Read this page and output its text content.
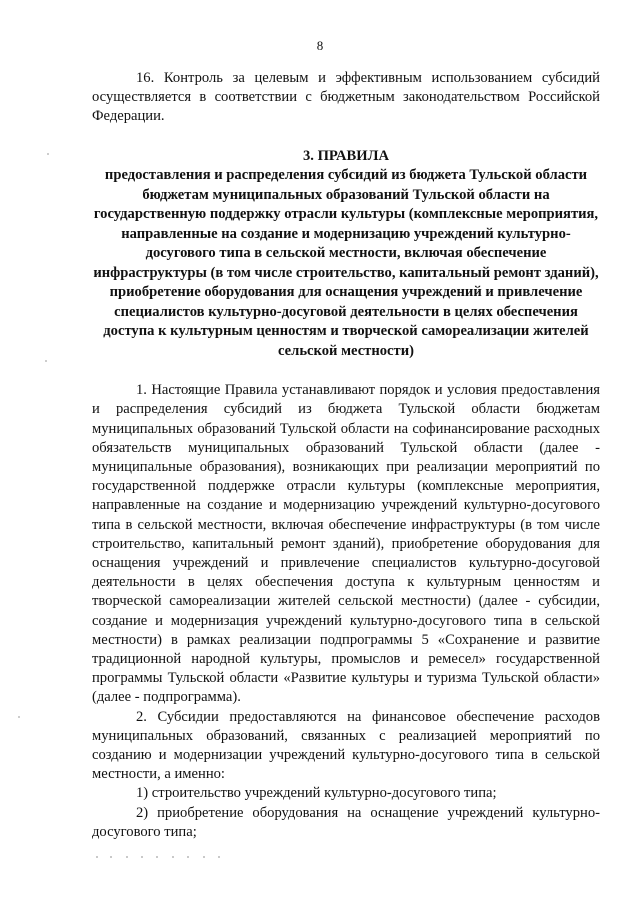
8

16. Контроль за целевым и эффективным использованием субсидий осуществляется в соответствии с бюджетным законодательством Российской Федерации.

3. ПРАВИЛА
предоставления и распределения субсидий из бюджета Тульской области бюджетам муниципальных образований Тульской области на государственную поддержку отрасли культуры (комплексные мероприятия, направленные на создание и модернизацию учреждений культурно-досугового типа в сельской местности, включая обеспечение инфраструктуры (в том числе строительство, капитальный ремонт зданий), приобретение оборудования для оснащения учреждений и привлечение специалистов культурно-досуговой деятельности в целях обеспечения доступа к культурным ценностям и творческой самореализации жителей сельской местности)

1. Настоящие Правила устанавливают порядок и условия предоставления и распределения субсидий из бюджета Тульской области бюджетам муниципальных образований Тульской области на софинансирование расходных обязательств муниципальных образований Тульской области (далее - муниципальные образования), возникающих при реализации мероприятий по государственной поддержке отрасли культуры (комплексные мероприятия, направленные на создание и модернизацию учреждений культурно-досугового типа в сельской местности, включая обеспечение инфраструктуры (в том числе строительство, капитальный ремонт зданий), приобретение оборудования для оснащения учреждений и привлечение специалистов культурно-досуговой деятельности в целях обеспечения доступа к культурным ценностям и творческой самореализации жителей сельской местности) (далее - субсидии, создание и модернизация учреждений культурно-досугового типа в сельской местности) в рамках реализации подпрограммы 5 «Сохранение и развитие традиционной народной культуры, промыслов и ремесел» государственной программы Тульской области «Развитие культуры и туризма Тульской области» (далее - подпрограмма).

2. Субсидии предоставляются на финансовое обеспечение расходов муниципальных образований, связанных с реализацией мероприятий по созданию и модернизации учреждений культурно-досугового типа в сельской местности, а именно:

1) строительство учреждений культурно-досугового типа;

2) приобретение оборудования на оснащение учреждений культурно-досугового типа;
